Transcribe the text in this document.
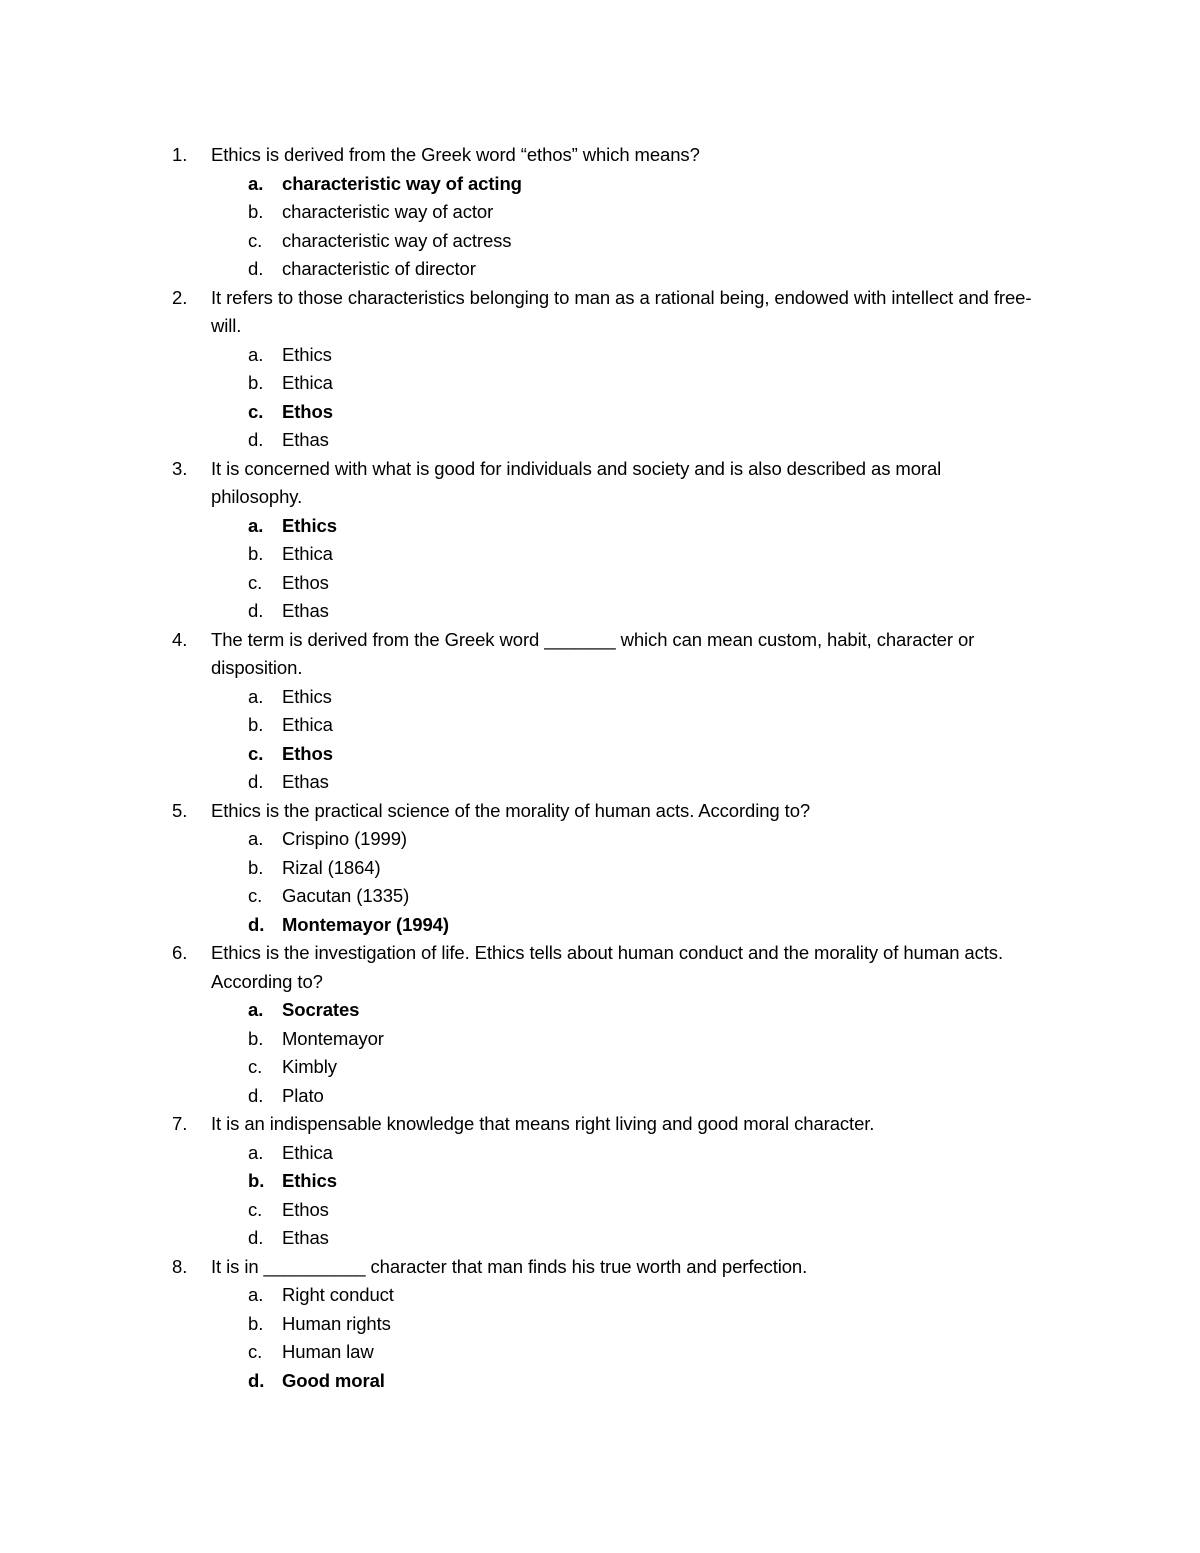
1.	Ethics is derived from the Greek word “ethos” which means?
a. characteristic way of acting
b. characteristic way of actor
c. characteristic way of actress
d. characteristic of director
2.	It refers to those characteristics belonging to man as a rational being, endowed with intellect and free-will.
a. Ethics
b. Ethica
c. Ethos
d. Ethas
3.	It is concerned with what is good for individuals and society and is also described as moral philosophy.
a. Ethics
b. Ethica
c. Ethos
d. Ethas
4.	The term is derived from the Greek word _______ which can mean custom, habit, character or disposition.
a. Ethics
b. Ethica
c. Ethos
d. Ethas
5.	Ethics is the practical science of the morality of human acts. According to?
a. Crispino (1999)
b. Rizal (1864)
c. Gacutan (1335)
d. Montemayor (1994)
6.	Ethics is the investigation of life. Ethics tells about human conduct and the morality of human acts. According to?
a. Socrates
b. Montemayor
c. Kimbly
d. Plato
7.	It is an indispensable knowledge that means right living and good moral character.
a. Ethica
b. Ethics
c. Ethos
d. Ethas
8.	It is in __________ character that man finds his true worth and perfection.
a. Right conduct
b. Human rights
c. Human law
d. Good moral
